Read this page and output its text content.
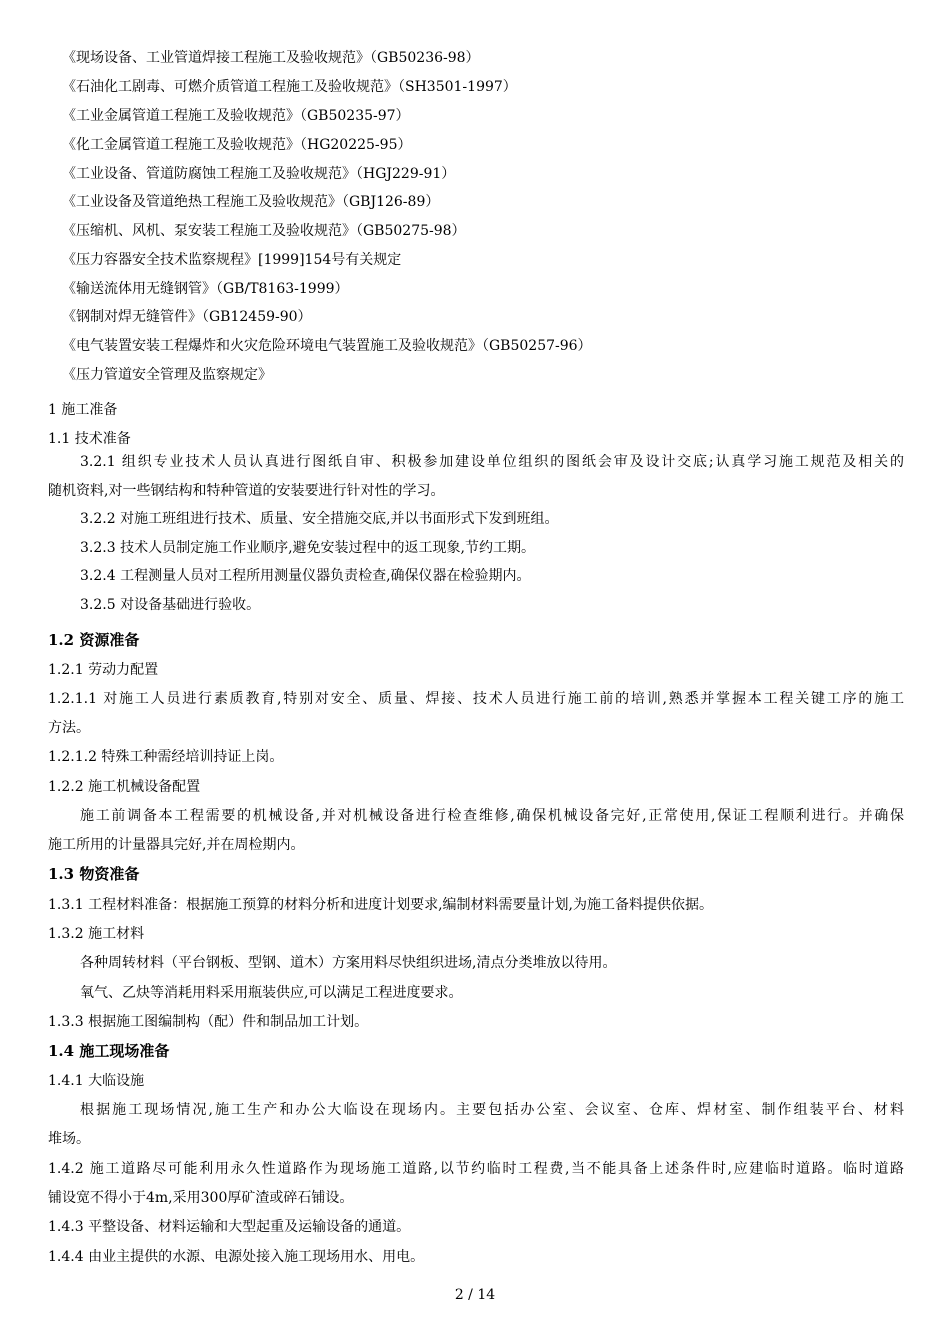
《现场设备、工业管道焊接工程施工及验收规范》（GB50236-98）
《石油化工剧毒、可燃介质管道工程施工及验收规范》（SH3501-1997）
《工业金属管道工程施工及验收规范》（GB50235-97）
《化工金属管道工程施工及验收规范》（HG20225-95）
《工业设备、管道防腐蚀工程施工及验收规范》（HGJ229-91）
《工业设备及管道绝热工程施工及验收规范》（GBJ126-89）
《压缩机、风机、泵安装工程施工及验收规范》（GB50275-98）
《压力容器安全技术监察规程》[1999]154号有关规定
《输送流体用无缝钢管》（GB/T8163-1999）
《钢制对焊无缝管件》（GB12459-90）
《电气装置安装工程爆炸和火灾危险环境电气装置施工及验收规范》（GB50257-96）
《压力管道安全管理及监察规定》
1 施工准备
1.1 技术准备
3.2.1 组织专业技术人员认真进行图纸自审、积极参加建设单位组织的图纸会审及设计交底;认真学习施工规范及相关的
随机资料,对一些钢结构和特种管道的安装要进行针对性的学习。
3.2.2 对施工班组进行技术、质量、安全措施交底,并以书面形式下发到班组。
3.2.3 技术人员制定施工作业顺序,避免安装过程中的返工现象,节约工期。
3.2.4 工程测量人员对工程所用测量仪器负责检查,确保仪器在检验期内。
3.2.5 对设备基础进行验收。
1.2 资源准备
1.2.1 劳动力配置
1.2.1.1 对施工人员进行素质教育,特别对安全、质量、焊接、技术人员进行施工前的培训,熟悉并掌握本工程关键工序的施工
方法。
1.2.1.2 特殊工种需经培训持证上岗。
1.2.2 施工机械设备配置
施工前调备本工程需要的机械设备,并对机械设备进行检查维修,确保机械设备完好,正常使用,保证工程顺利进行。并确保
施工所用的计量器具完好,并在周检期内。
1.3 物资准备
1.3.1 工程材料准备：根据施工预算的材料分析和进度计划要求,编制材料需要量计划,为施工备料提供依据。
1.3.2 施工材料
各种周转材料（平台钢板、型钢、道木）方案用料尽快组织进场,清点分类堆放以待用。
氧气、乙炔等消耗用料采用瓶装供应,可以满足工程进度要求。
1.3.3 根据施工图编制构（配）件和制品加工计划。
1.4 施工现场准备
1.4.1 大临设施
根据施工现场情况,施工生产和办公大临设在现场内。主要包括办公室、会议室、仓库、焊材室、制作组装平台、材料
堆场。
1.4.2 施工道路尽可能利用永久性道路作为现场施工道路,以节约临时工程费,当不能具备上述条件时,应建临时道路。临时道路
铺设宽不得小于4m,采用300厚矿渣或碎石铺设。
1.4.3 平整设备、材料运输和大型起重及运输设备的通道。
1.4.4 由业主提供的水源、电源处接入施工现场用水、用电。
2 / 14
